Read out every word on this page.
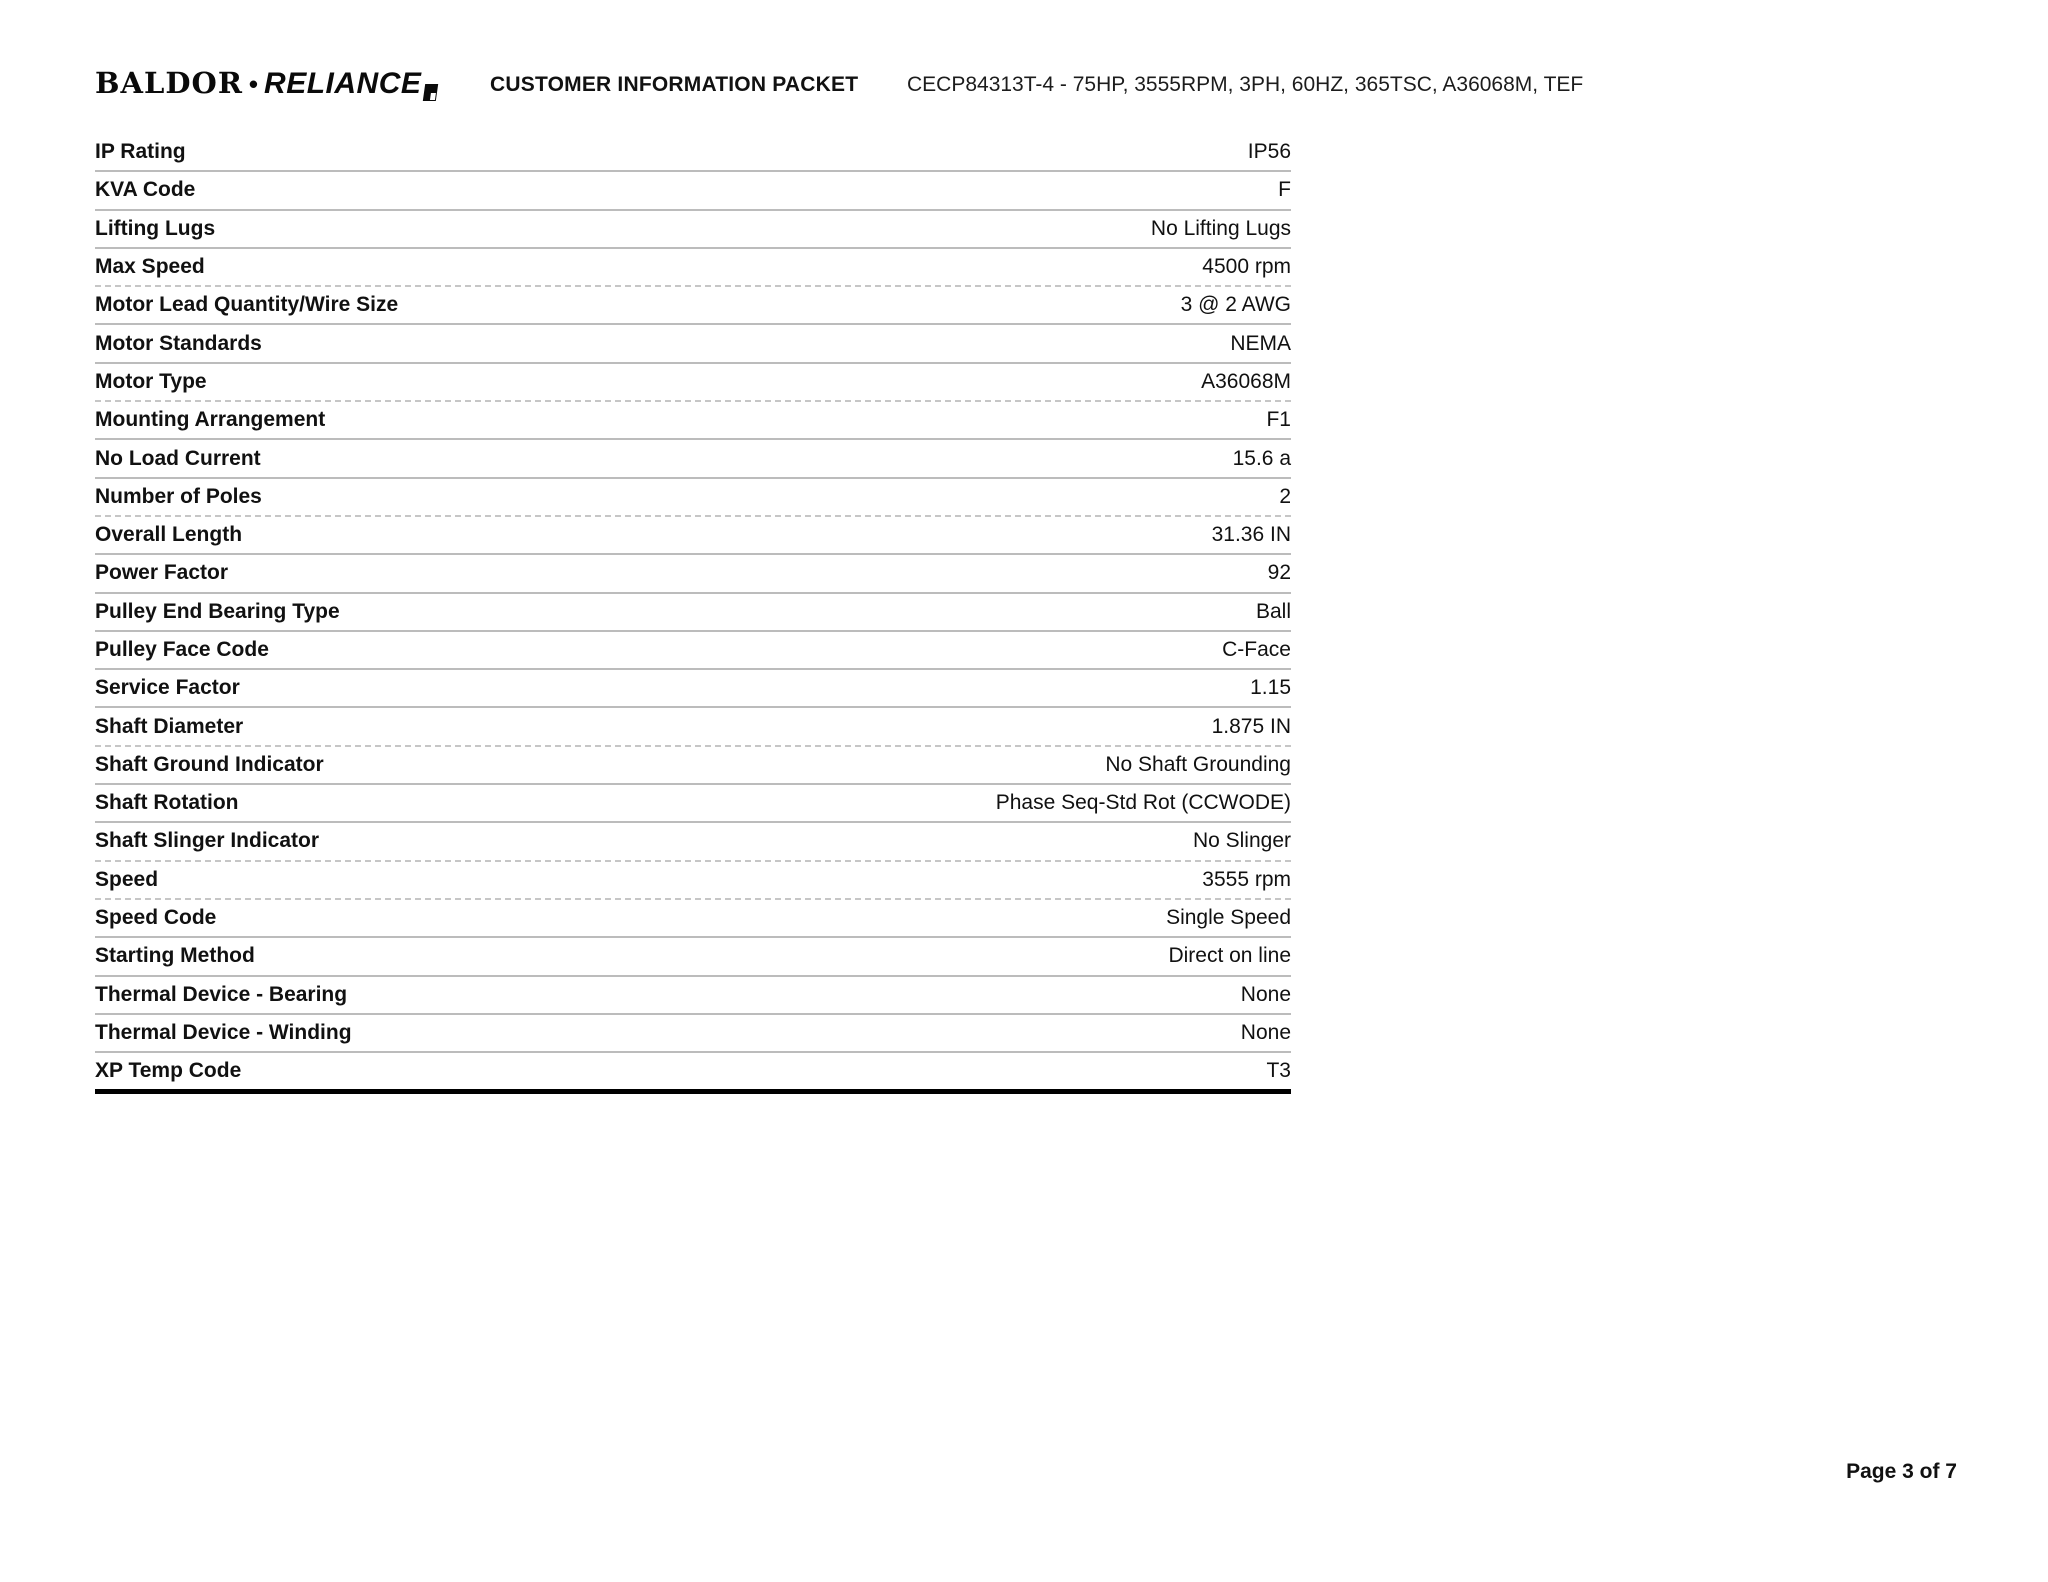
BALDOR • RELIANCE	CUSTOMER INFORMATION PACKET CECP84313T-4 - 75HP, 3555RPM, 3PH, 60HZ, 365TSC, A36068M, TEF
IP Rating	IP56
KVA Code	F
Lifting Lugs	No Lifting Lugs
Max Speed	4500 rpm
Motor Lead Quantity/Wire Size	3 @ 2 AWG
Motor Standards	NEMA
Motor Type	A36068M
Mounting Arrangement	F1
No Load Current	15.6 a
Number of Poles	2
Overall Length	31.36 IN
Power Factor	92
Pulley End Bearing Type	Ball
Pulley Face Code	C-Face
Service Factor	1.15
Shaft Diameter	1.875 IN
Shaft Ground Indicator	No Shaft Grounding
Shaft Rotation	Phase Seq-Std Rot (CCWODE)
Shaft Slinger Indicator	No Slinger
Speed	3555 rpm
Speed Code	Single Speed
Starting Method	Direct on line
Thermal Device - Bearing	None
Thermal Device - Winding	None
XP Temp Code	T3
Page 3 of 7
